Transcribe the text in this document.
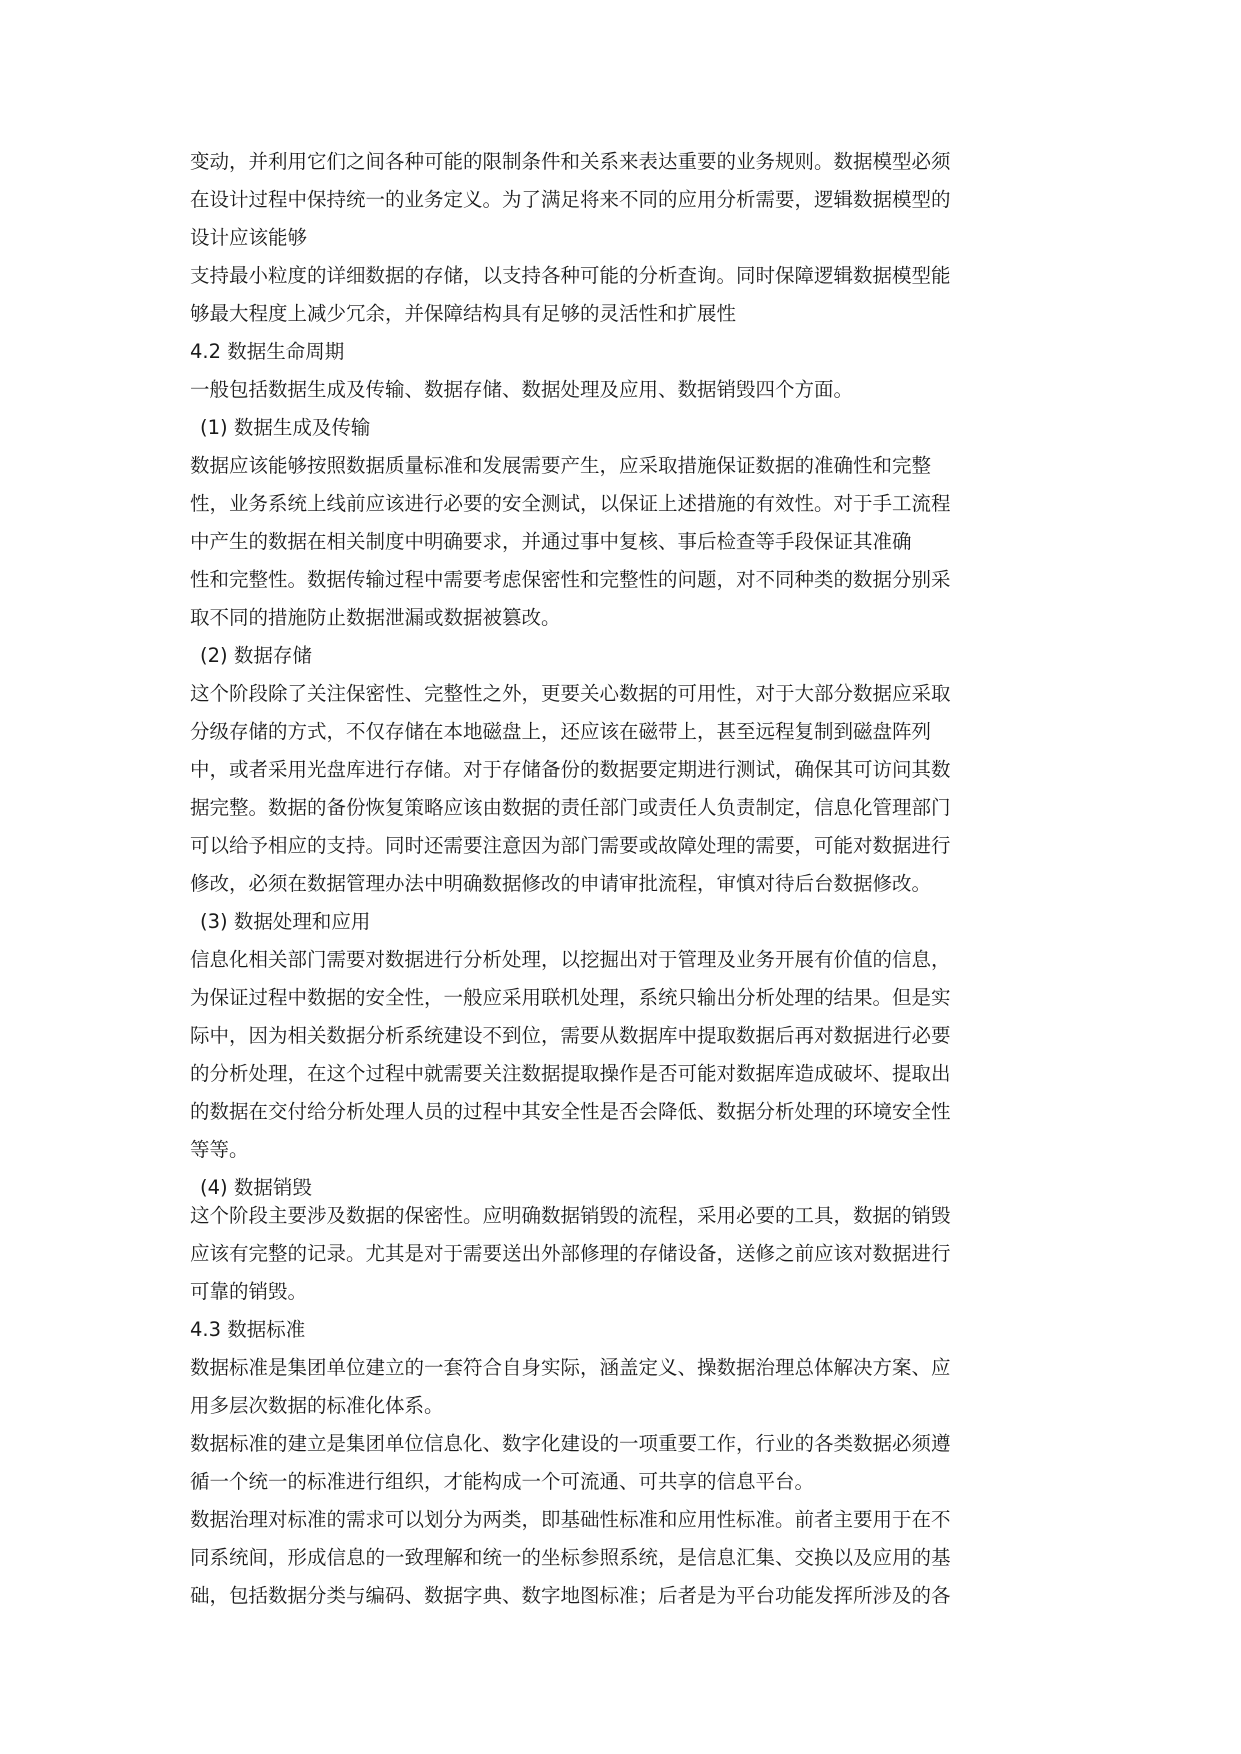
变动，并利用它们之间各种可能的限制条件和关系来表达重要的业务规则。数据模型必须
在设计过程中保持统一的业务定义。为了满足将来不同的应用分析需要，逻辑数据模型的
设计应该能够
支持最小粒度的详细数据的存储，以支持各种可能的分析查询。同时保障逻辑数据模型能
够最大程度上减少冗余，并保障结构具有足够的灵活性和扩展性
4.2 数据生命周期
一般包括数据生成及传输、数据存储、数据处理及应用、数据销毁四个方面。
(1) 数据生成及传输
数据应该能够按照数据质量标准和发展需要产生，应采取措施保证数据的准确性和完整
性，业务系统上线前应该进行必要的安全测试，以保证上述措施的有效性。对于手工流程
中产生的数据在相关制度中明确要求，并通过事中复核、事后检查等手段保证其准确
性和完整性。数据传输过程中需要考虑保密性和完整性的问题，对不同种类的数据分别采
取不同的措施防止数据泄漏或数据被篡改。
(2) 数据存储
这个阶段除了关注保密性、完整性之外，更要关心数据的可用性，对于大部分数据应采取
分级存储的方式，不仅存储在本地磁盘上，还应该在磁带上，甚至远程复制到磁盘阵列
中，或者采用光盘库进行存储。对于存储备份的数据要定期进行测试，确保其可访问其数
据完整。数据的备份恢复策略应该由数据的责任部门或责任人负责制定，信息化管理部门
可以给予相应的支持。同时还需要注意因为部门需要或故障处理的需要，可能对数据进行
修改，必须在数据管理办法中明确数据修改的申请审批流程，审慎对待后台数据修改。
(3) 数据处理和应用
信息化相关部门需要对数据进行分析处理，以挖掘出对于管理及业务开展有价值的信息，
为保证过程中数据的安全性，一般应采用联机处理，系统只输出分析处理的结果。但是实
际中，因为相关数据分析系统建设不到位，需要从数据库中提取数据后再对数据进行必要
的分析处理，在这个过程中就需要关注数据提取操作是否可能对数据库造成破坏、提取出
的数据在交付给分析处理人员的过程中其安全性是否会降低、数据分析处理的环境安全性
等等。
(4) 数据销毁
这个阶段主要涉及数据的保密性。应明确数据销毁的流程，采用必要的工具，数据的销毁
应该有完整的记录。尤其是对于需要送出外部修理的存储设备，送修之前应该对数据进行
可靠的销毁。
4.3 数据标准
数据标准是集团单位建立的一套符合自身实际，涵盖定义、操数据治理总体解决方案、应
用多层次数据的标准化体系。
数据标准的建立是集团单位信息化、数字化建设的一项重要工作，行业的各类数据必须遵
循一个统一的标准进行组织，才能构成一个可流通、可共享的信息平台。
数据治理对标准的需求可以划分为两类，即基础性标准和应用性标准。前者主要用于在不
同系统间，形成信息的一致理解和统一的坐标参照系统，是信息汇集、交换以及应用的基
础，包括数据分类与编码、数据字典、数字地图标准；后者是为平台功能发挥所涉及的各
